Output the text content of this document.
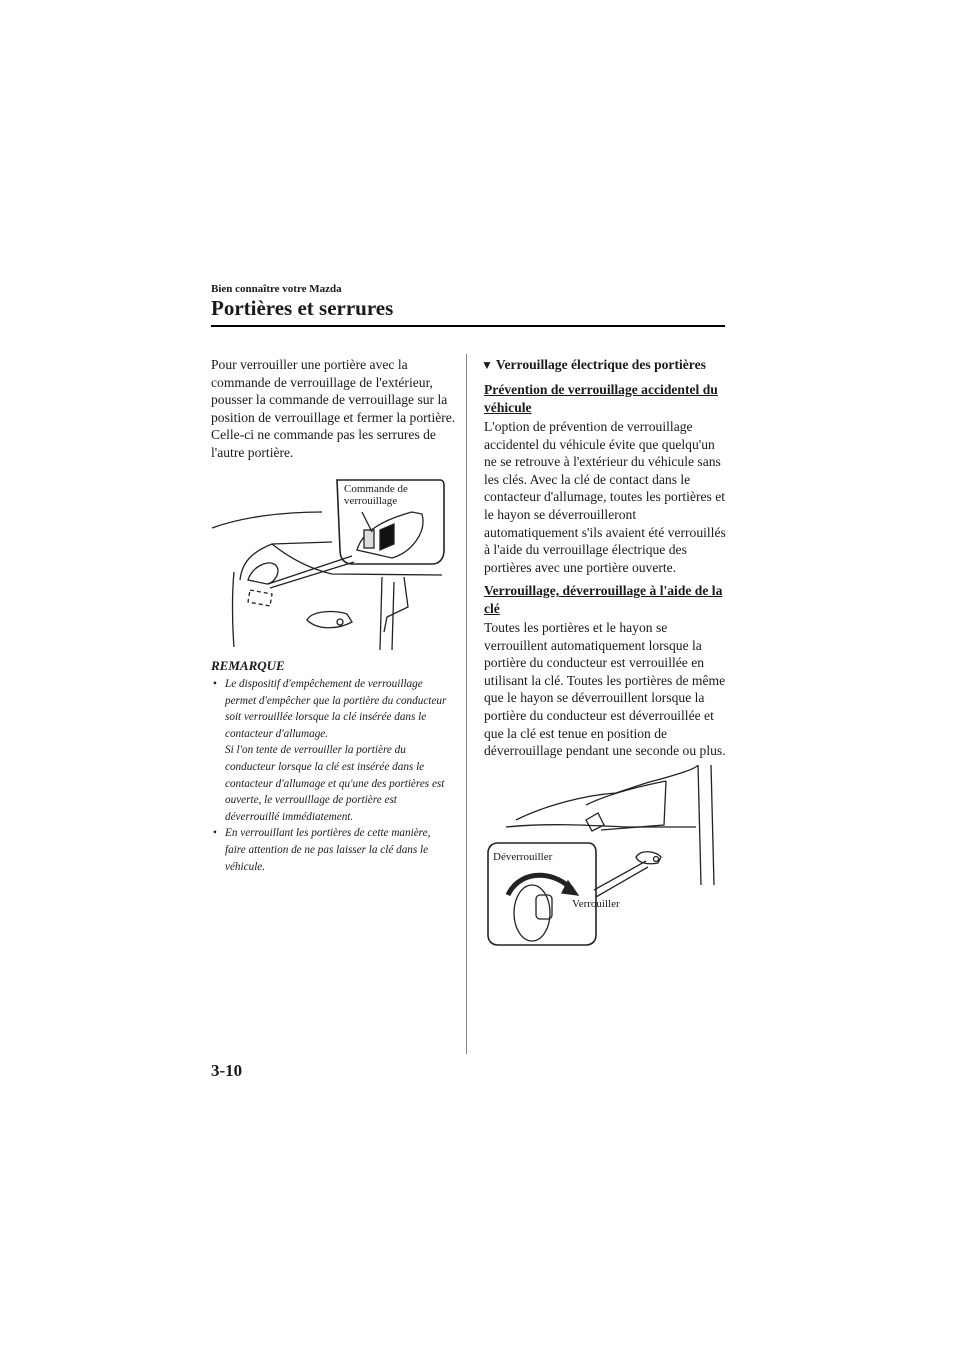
Bien connaître votre Mazda
Portières et serrures
Pour verrouiller une portière avec la commande de verrouillage de l'extérieur, pousser la commande de verrouillage sur la position de verrouillage et fermer la portière.
Celle-ci ne commande pas les serrures de l'autre portière.
Commande de verrouillage
REMARQUE
• Le dispositif d'empêchement de verrouillage permet d'empêcher que la portière du conducteur soit verrouillée lorsque la clé insérée dans le contacteur d'allumage.
Si l'on tente de verrouiller la portière du conducteur lorsque la clé est insérée dans le contacteur d'allumage et qu'une des portières est ouverte, le verrouillage de portière est déverrouillé immédiatement.
• En verrouillant les portières de cette manière, faire attention de ne pas laisser la clé dans le véhicule.
▼ Verrouillage électrique des portières
Prévention de verrouillage accidentel du véhicule
L'option de prévention de verrouillage accidentel du véhicule évite que quelqu'un ne se retrouve à l'extérieur du véhicule sans les clés. Avec la clé de contact dans le contacteur d'allumage, toutes les portières et le hayon se déverrouilleront automatiquement s'ils avaient été verrouillés à l'aide du verrouillage électrique des portières avec une portière ouverte.
Verrouillage, déverrouillage à l'aide de la clé
Toutes les portières et le hayon se verrouillent automatiquement lorsque la portière du conducteur est verrouillée en utilisant la clé. Toutes les portières de même que le hayon se déverrouillent lorsque la portière du conducteur est déverrouillée et que la clé est tenue en position de déverrouillage pendant une seconde ou plus.
Déverrouiller
Verrouiller
3-10
